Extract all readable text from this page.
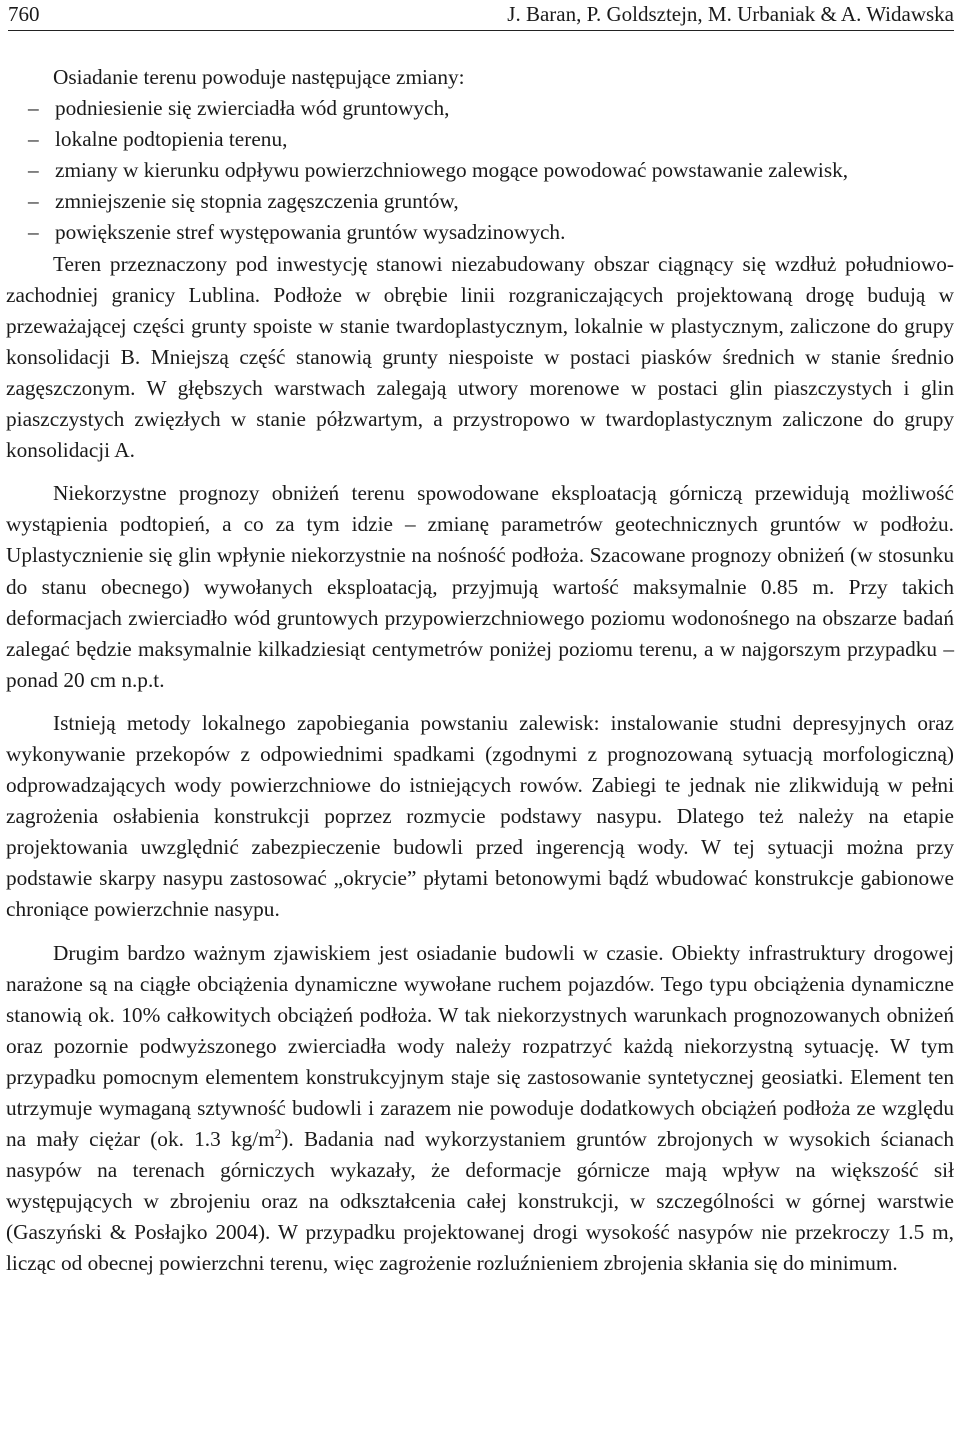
760	J. Baran, P. Goldsztejn, M. Urbaniak & A. Widawska

Osiadanie terenu powoduje następujące zmiany:

– podniesienie się zwierciadła wód gruntowych,
– lokalne podtopienia terenu,
– zmiany w kierunku odpływu powierzchniowego mogące powodować powstawanie zalewisk,
– zmniejszenie się stopnia zagęszczenia gruntów,
– powiększenie stref występowania gruntów wysadzinowych.

Teren przeznaczony pod inwestycję stanowi niezabudowany obszar ciągnący się wzdłuż południowo-zachodniej granicy Lublina. Podłoże w obrębie linii rozgraniczających projektowaną drogę budują w przeważającej części grunty spoiste w stanie twardoplastycznym, lokalnie w plastycznym, zaliczone do grupy konsolidacji B. Mniejszą część stanowią grunty niespoiste w postaci piasków średnich w stanie średnio zagęszczonym. W głębszych warstwach zalegają utwory morenowe w postaci glin piaszczystych i glin piaszczystych zwięzłych w stanie półzwartym, a przystropowo w twardoplastycznym zaliczone do grupy konsolidacji A.

Niekorzystne prognozy obniżeń terenu spowodowane eksploatacją górniczą przewidują możliwość wystąpienia podtopień, a co za tym idzie – zmianę parametrów geotechnicznych gruntów w podłożu. Uplastycznienie się glin wpłynie niekorzystnie na nośność podłoża. Szacowane prognozy obniżeń (w stosunku do stanu obecnego) wywołanych eksploatacją, przyjmują wartość maksymalnie 0.85 m. Przy takich deformacjach zwierciadło wód gruntowych przypowierzchniowego poziomu wodonośnego na obszarze badań zalegać będzie maksymalnie kilkadziesiąt centymetrów poniżej poziomu terenu, a w najgorszym przypadku – ponad 20 cm n.p.t.

Istnieją metody lokalnego zapobiegania powstaniu zalewisk: instalowanie studni depresyjnych oraz wykonywanie przekopów z odpowiednimi spadkami (zgodnymi z prognozowaną sytuacją morfologiczną) odprowadzających wody powierzchniowe do istniejących rowów. Zabiegi te jednak nie zlikwidują w pełni zagrożenia osłabienia konstrukcji poprzez rozmycie podstawy nasypu. Dlatego też należy na etapie projektowania uwzględnić zabezpieczenie budowli przed ingerencją wody. W tej sytuacji można przy podstawie skarpy nasypu zastosować „okrycie” płytami betonowymi bądź wbudować konstrukcje gabionowe chroniące powierzchnie nasypu.

Drugim bardzo ważnym zjawiskiem jest osiadanie budowli w czasie. Obiekty infrastruktury drogowej narażone są na ciągłe obciążenia dynamiczne wywołane ruchem pojazdów. Tego typu obciążenia dynamiczne stanowią ok. 10% całkowitych obciążeń podłoża. W tak niekorzystnych warunkach prognozowanych obniżeń oraz pozornie podwyższonego zwierciadła wody należy rozpatrzyć każdą niekorzystną sytuację. W tym przypadku pomocnym elementem konstrukcyjnym staje się zastosowanie syntetycznej geosiatki. Element ten utrzymuje wymaganą sztywność budowli i zarazem nie powoduje dodatkowych obciążeń podłoża ze względu na mały ciężar (ok. 1.3 $kg/m^2$). Badania nad wykorzystaniem gruntów zbrojonych w wysokich ścianach nasypów na terenach górniczych wykazały, że deformacje górnicze mają wpływ na większość sił występujących w zbrojeniu oraz na odkształcenia całej konstrukcji, w szczególności w górnej warstwie (Gaszyński & Posłajko 2004). W przypadku projektowanej drogi wysokość nasypów nie przekroczy 1.5 m, licząc od obecnej powierzchni terenu, więc zagrożenie rozluźnieniem zbrojenia skłania się do minimum.
